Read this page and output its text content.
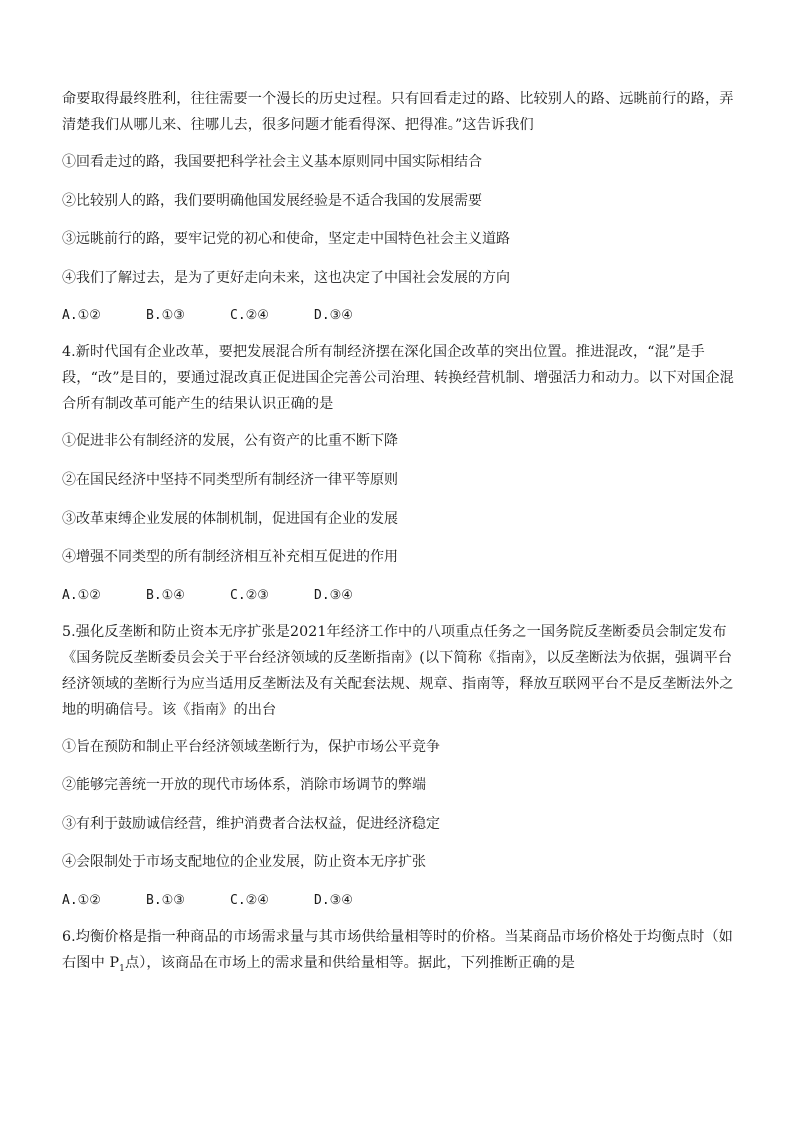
命要取得最终胜利，往往需要一个漫长的历史过程。只有回看走过的路、比较别人的路、远眺前行的路，弄清楚我们从哪儿来、往哪儿去，很多问题才能看得深、把得准。”这告诉我们

①回看走过的路，我国要把科学社会主义基本原则同中国实际相结合

②比较别人的路，我们要明确他国发展经验是不适合我国的发展需要

③远眺前行的路，要牢记党的初心和使命，坚定走中国特色社会主义道路

④我们了解过去，是为了更好走向未来，这也决定了中国社会发展的方向

A.①②	B.①③	C.②④	D.③④

4.新时代国有企业改革，要把发展混合所有制经济摆在深化国企改革的突出位置。推进混改，“混”是手段，“改”是目的，要通过混改真正促进国企完善公司治理、转换经营机制、增强活力和动力。以下对国企混合所有制改革可能产生的结果认识正确的是

①促进非公有制经济的发展，公有资产的比重不断下降

②在国民经济中坚持不同类型所有制经济一律平等原则

③改革束缚企业发展的体制机制，促进国有企业的发展

④增强不同类型的所有制经济相互补充相互促进的作用

A.①②	B.①④	C.②③	D.③④

5.强化反垄断和防止资本无序扩张是2021年经济工作中的八项重点任务之一国务院反垄断委员会制定发布《国务院反垄断委员会关于平台经济领域的反垄断指南》(以下简称《指南》，以反垄断法为依据，强调平台经济领域的垄断行为应当适用反垄断法及有关配套法规、规章、指南等，释放互联网平台不是反垄断法外之地的明确信号。该《指南》的出台

①旨在预防和制止平台经济领域垄断行为，保护市场公平竞争

②能够完善统一开放的现代市场体系，消除市场调节的弊端

③有利于鼓励诚信经营，维护消费者合法权益，促进经济稳定

④会限制处于市场支配地位的企业发展，防止资本无序扩张

A.①②	B.①③	C.②④	D.③④

6.均衡价格是指一种商品的市场需求量与其市场供给量相等时的价格。当某商品市场价格处于均衡点时（如右图中 $P_1$点），该商品在市场上的需求量和供给量相等。据此，下列推断正确的是
